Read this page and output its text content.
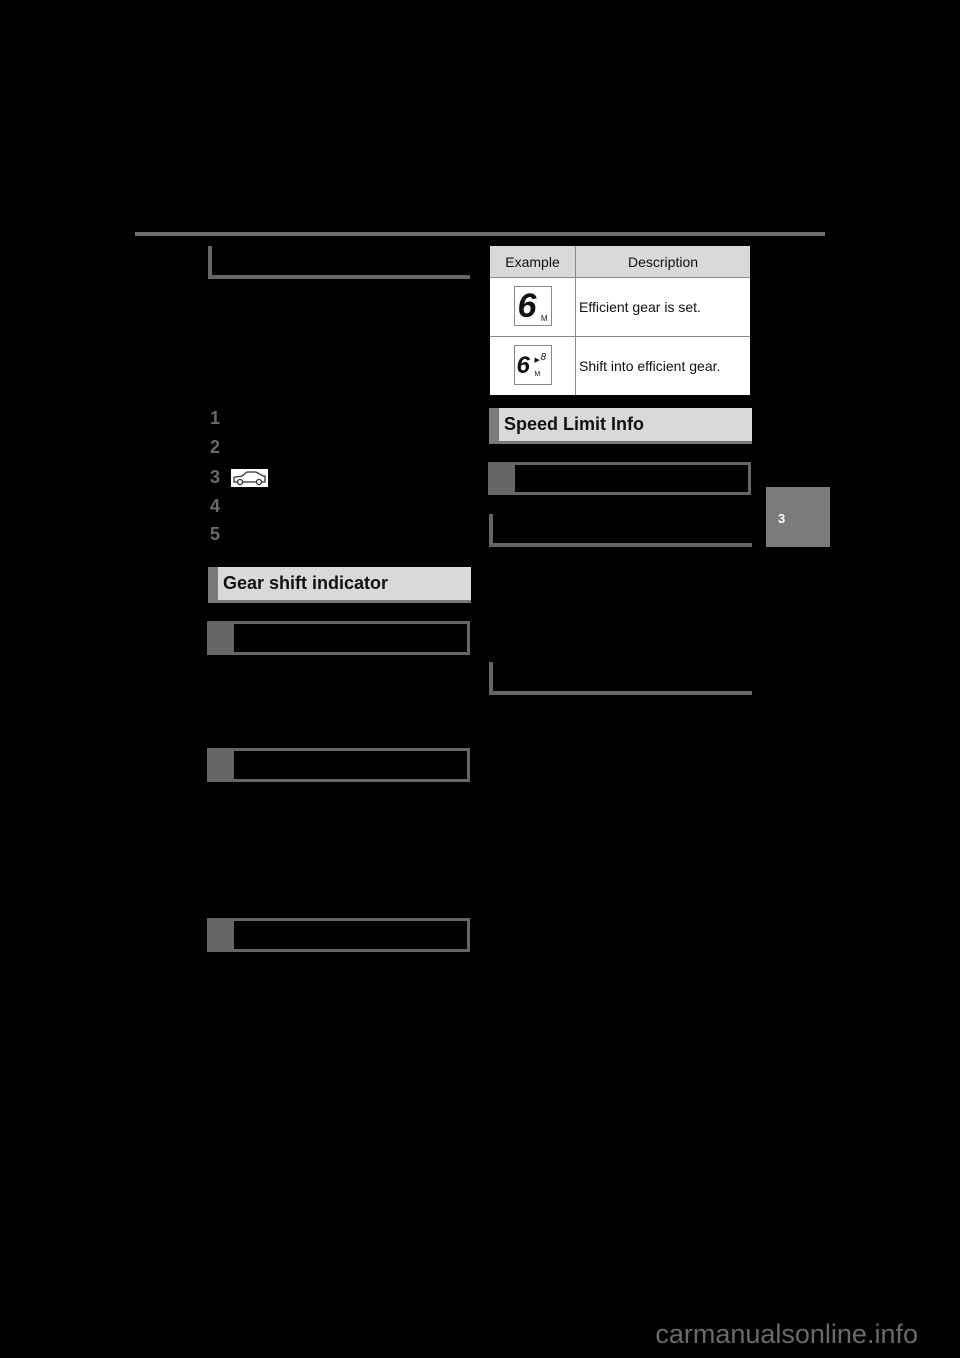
1
2
3
4
5
Gear shift indicator
Example	Description

6 M	Efficient gear is set.

6 ▶ 8
M	Shift into efficient gear.
Speed Limit Info
3
carmanualsonline.info
